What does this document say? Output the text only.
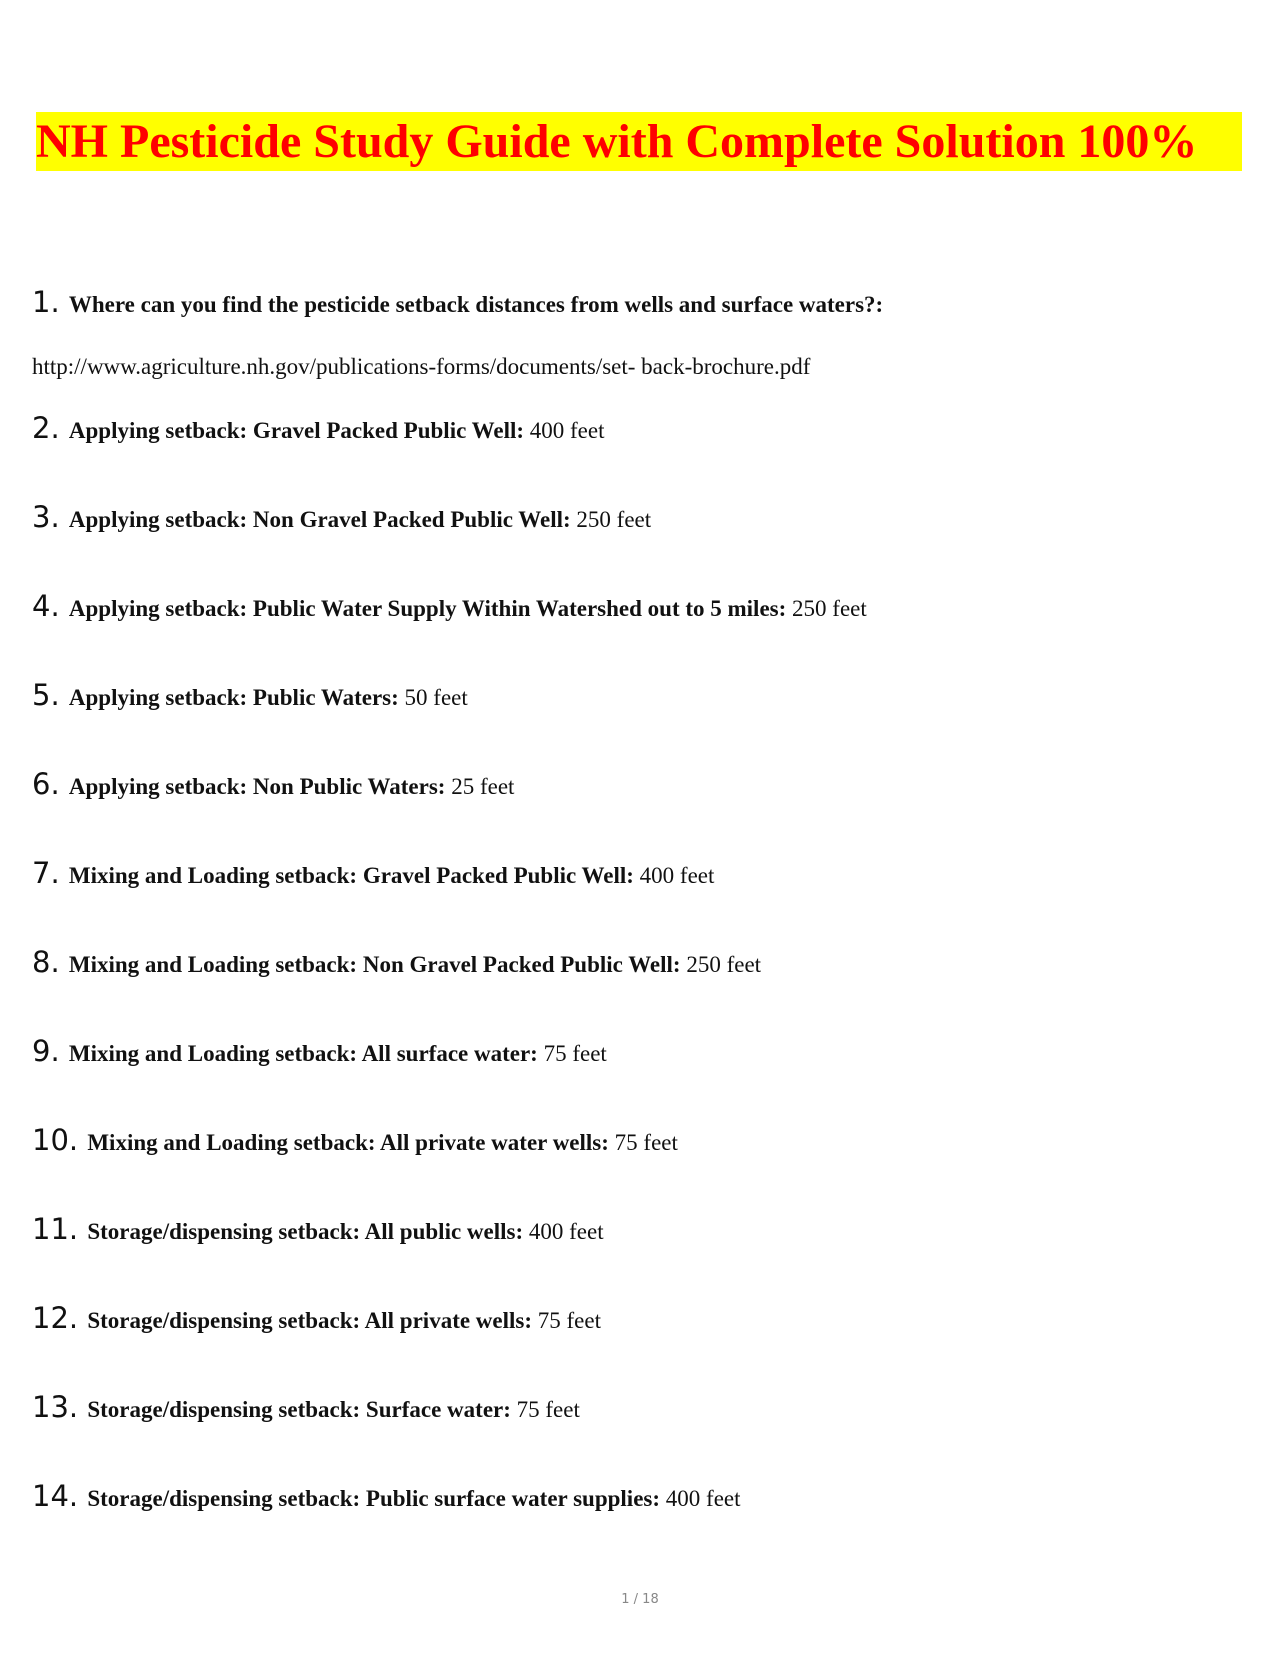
NH Pesticide Study Guide with Complete Solution 100%
1. Where can you find the pesticide setback distances from wells and surface waters?:
http://www.agriculture.nh.gov/publications-forms/documents/set- back-brochure.pdf
2. Applying setback: Gravel Packed Public Well: 400 feet
3. Applying setback: Non Gravel Packed Public Well: 250 feet
4. Applying setback: Public Water Supply Within Watershed out to 5 miles: 250 feet
5. Applying setback: Public Waters: 50 feet
6. Applying setback: Non Public Waters: 25 feet
7. Mixing and Loading setback: Gravel Packed Public Well: 400 feet
8. Mixing and Loading setback: Non Gravel Packed Public Well: 250 feet
9. Mixing and Loading setback: All surface water: 75 feet
10. Mixing and Loading setback: All private water wells: 75 feet
11. Storage/dispensing setback: All public wells: 400 feet
12. Storage/dispensing setback: All private wells: 75 feet
13. Storage/dispensing setback: Surface water: 75 feet
14. Storage/dispensing setback: Public surface water supplies: 400 feet
1 / 18
